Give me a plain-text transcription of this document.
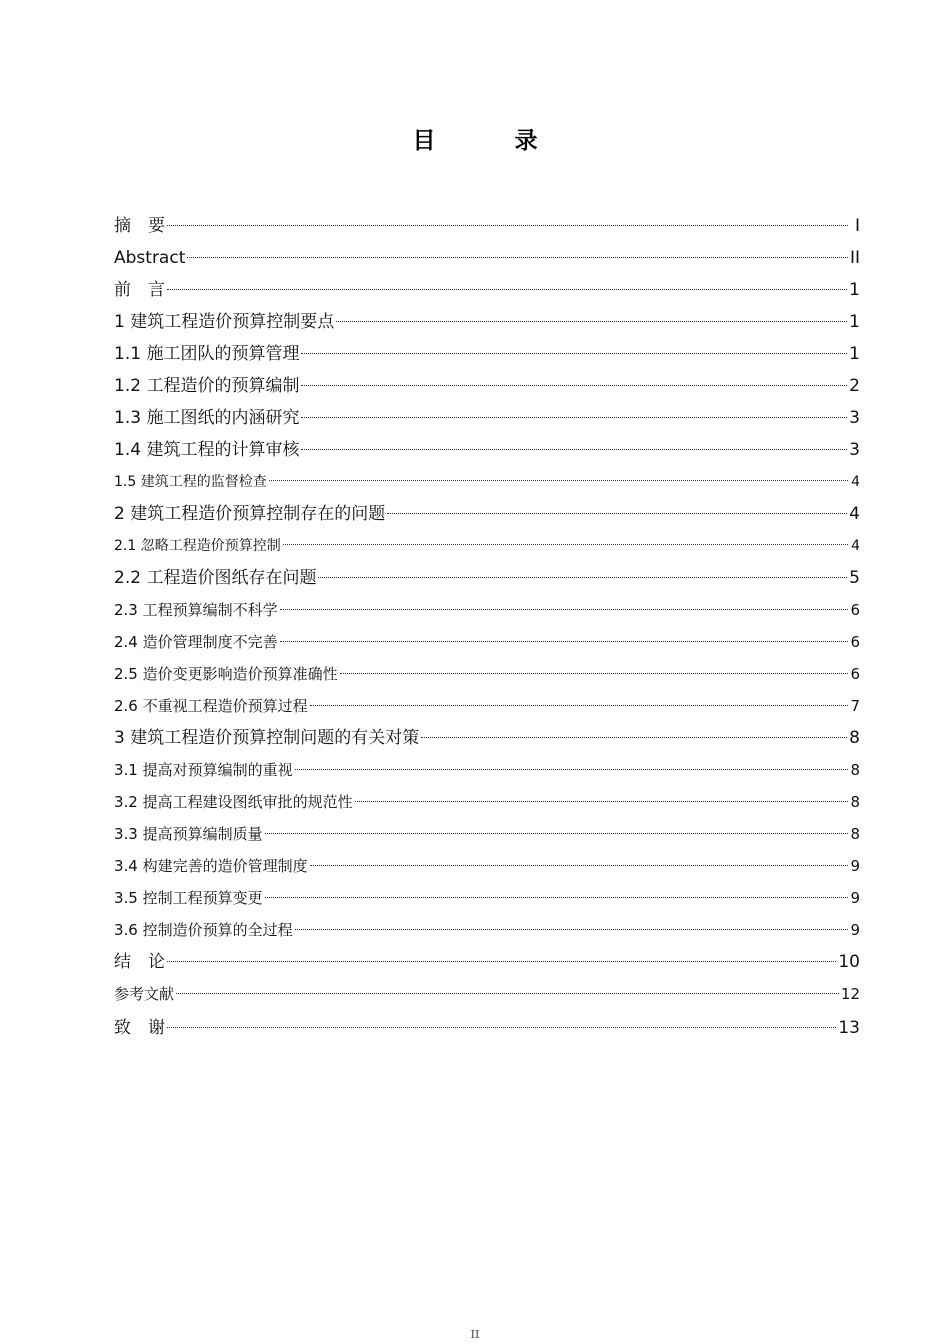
目　录
摘　要	I
Abstract	II
前　言	1
1 建筑工程造价预算控制要点	1
1.1 施工团队的预算管理	1
1.2 工程造价的预算编制	2
1.3 施工图纸的内涵研究	3
1.4 建筑工程的计算审核	3
1.5 建筑工程的监督检查	4
2 建筑工程造价预算控制存在的问题	4
2.1 忽略工程造价预算控制	4
2.2 工程造价图纸存在问题	5
2.3 工程预算编制不科学	6
2.4 造价管理制度不完善	6
2.5 造价变更影响造价预算准确性	6
2.6 不重视工程造价预算过程	7
3 建筑工程造价预算控制问题的有关对策	8
3.1 提高对预算编制的重视	8
3.2 提高工程建设图纸审批的规范性	8
3.3 提高预算编制质量	8
3.4 构建完善的造价管理制度	9
3.5 控制工程预算变更	9
3.6 控制造价预算的全过程	9
结　论	10
参考文献	12
致　谢	13
II
